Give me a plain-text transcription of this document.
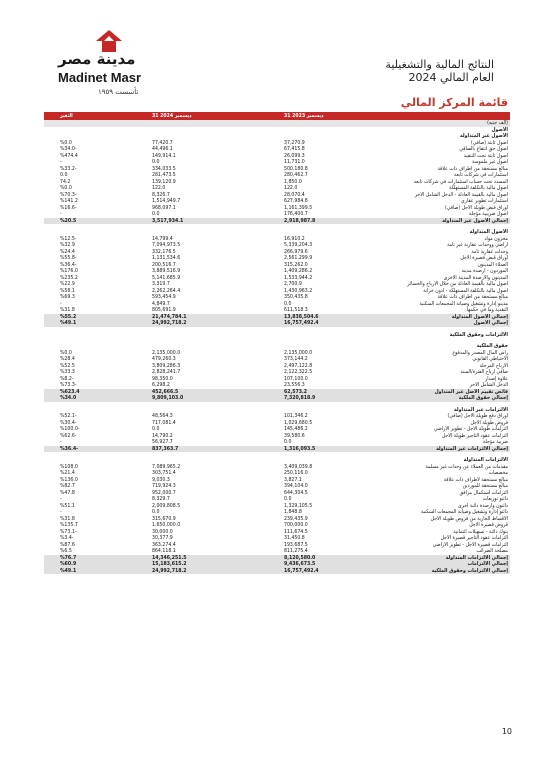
مدينة مصر
Madinet Masr
تأسست ١٩٥٩
النتائج المالية والتشغيلية
العام المالي 2024
قائمة المركز المالي
التغير	31 ديسمبر 2024	31 ديسمبر 2023	
			(ألف جنيه)
			الأصول
			الأصول غير المتداولة
%0.0	77,420.7	37,270.9	أصول ثابتة (صافي)
%34.0-	44,496.1	67,415.8	أصول حق انتفاع بالصافي
%474.4	149,914.1	26,099.3	أصول ثابتة تحت التنفيذ
-	0.0	11,731.0	أصول غير ملموسة
%33.2-	334,033.5	500,180.8	مبالغ مستحقة من أطراف ذات علاقة
0.0	281,473.5	280,462.7	استثمارات في شركات تابعة
74.2	139,120.9	1,850.0	المسدد تحت حساب استثمارات في شركات تابعة
%0.0	122.0	122.0	أصول مالية بالتكلفة المستهلكة
%70.3-	8,326.7	28,070.4	أصول مالية بالقيمة العادلة - الدخل الشامل الآخر
%141.2	1,514,949.7	627,984.8	استثمارات تطوير عقاري
%16.6-	968,097.1	1,161,399.5	أوراق قبض طويلة الأجل (صافي)
-	0.0	176,400.7	أصول ضريبية مؤجلة
%20.5	3,517,934.1	2,918,987.8	إجمالي الأصول غير المتداولة

			الأصول المتداولة
%12.5-	14,799.4	16,910.2	مخزون مواد
%32.9	7,094,973.5	5,339,204.3	أراضي ووحدات عقارية غير تامة
%24.4	332,176.5	266,979.6	وحدات عقارية تامة
%55.8-	1,131,534.6	2,561,299.9	أوراق قبض قصيرة الأجل
%36.4-	200,516.7	315,262.0	العملاء المدينون
%176.0	3,889,516.9	1,409,286.2	الموردون - أرصدة مدينة
%235.2	5,141,685.9	1,533,944.2	المدينون والأرصدة المدينة الأخرى
%22.9	3,319.7	2,700.9	أصول مالية بالقيمة العادلة من خلال الأرباح والخسائر
%58.1	2,262,264.4	1,430,963.2	أصول مالية بالتكلفة المستهلكة - أذون خزانة
%69.3	593,454.9	350,435.8	مبالغ مستحقة من أطراف ذات علاقة
-	4,849.7	0.0	مدينو إدارة وتشغيل وصيانة المجمعات السكنية
%31.8	805,691.9	611,518.3	النقدية وما في حكمها
%55.2	21,474,784.1	13,838,504.6	إجمالي الأصول المتداولة
%49.1	24,992,718.2	16,757,492.4	إجمالي الأصول

			الالتزامات وحقوق الملكية

			حقوق الملكية
%0.0	2,135,000.0	2,135,000.0	رأس المال المصدر والمدفوع
%28.4	479,260.3	373,144.2	الاحتياطي القانوني
%52.5	3,809,286.3	2,497,122.8	الأرباح المرحلة
%33.3	2,828,241.7	2,122,322.5	صافي أرباح الفترة/السنة
%8.2-	98,350.0	107,100.0	علاوة إصدار
%73.3-	6,298.2	23,556.3	الدخل الشامل الآخر
%623.4	452,666.5	62,573.2	فائض تقييم الأصل غير المتداول
%34.0	9,809,103.0	7,320,818.9	إجمالي حقوق الملكية

			الالتزامات غير المتداولة
%52.1-	48,564.3	101,346.2	أوراق دفع طويلة الأجل (صافي)
%30.4-	717,081.4	1,029,680.5	قروض طويلة الأجل
%100.0-	0.0	145,486.2	التزامات طويلة الأجل - تطوير الأراضي
%62.6-	14,790.2	39,580.6	التزامات عقود التأجير طويلة الأجل
-	56,927.7	0.0	ضريبة مؤجلة
%36.4-	837,363.7	1,316,093.5	إجمالي الالتزامات غير المتداولة

			الالتزامات المتداولة
%108.0	7,089,965.2	3,409,039.8	مقدمات من العملاء عن وحدات غير مسلمة
%21.4	303,751.4	250,116.0	مخصصات
%136.0	9,030.3	3,827.1	مبالغ مستحقة لأطراف ذات علاقة
%82.7	719,924.3	394,104.0	مبالغ مستحقة للموردين
%47.8	952,000.7	644,304.5	التزامات استكمال مرافق
-	8,329.7	0.0	دائنو توزيعات
%51.1	2,009,808.5	1,329,105.5	دائنون وأرصدة دائنة أخرى
-	0.0	1,848.8	دائنو إدارة وتشغيل وصيانة المجمعات السكنية
%31.8	315,670.9	239,435.9	الأقساط الجارية من قروض طويلة الأجل
%135.7	1,650,000.0	700,000.0	قروض قصيرة الأجل
%73.1-	30,000.0	111,674.5	بنوك دائنة - تسهيلات ائتمانية
%3.4-	30,377.9	31,450.8	التزامات عقود التأجير قصيرة الأجل
%87.6	363,274.4	193,687.5	التزامات قصيرة الأجل - تطوير الأراضي
%6.5	864,118.1	811,275.4	مصلحة الضرائب
%76.7	14,346,251.5	8,120,580.0	إجمالي الالتزامات المتداولة
%60.9	15,183,615.2	9,436,673.5	إجمالي الالتزامات
%49.1	24,992,718.2	16,757,492.4	إجمالي الالتزامات وحقوق الملكية
10
